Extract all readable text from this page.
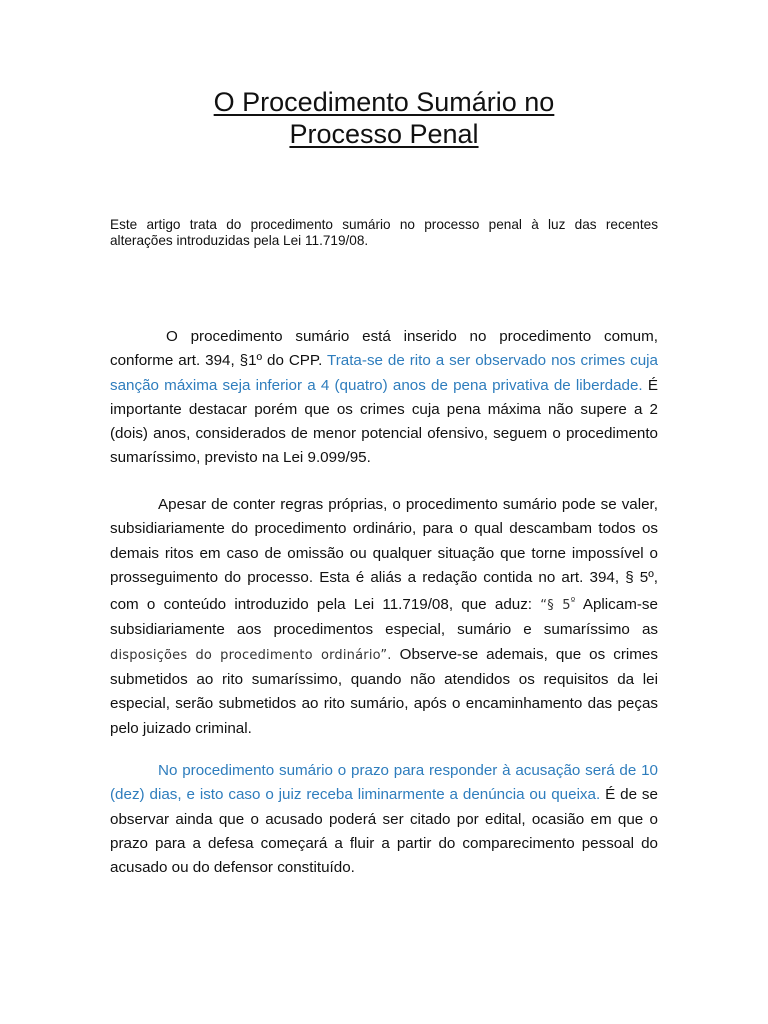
O Procedimento Sumário no
Processo Penal

Este artigo trata do procedimento sumário no processo penal à luz das recentes alterações introduzidas pela Lei 11.719/08.

O procedimento sumário está inserido no procedimento comum, conforme art. 394, §1º do CPP. Trata-se de rito a ser observado nos crimes cuja sanção máxima seja inferior a 4 (quatro) anos de pena privativa de liberdade. É importante destacar porém que os crimes cuja pena máxima não supere a 2 (dois) anos, considerados de menor potencial ofensivo, seguem o procedimento sumaríssimo, previsto na Lei 9.099/95.

Apesar de conter regras próprias, o procedimento sumário pode se valer, subsidiariamente do procedimento ordinário, para o qual descambam todos os demais ritos em caso de omissão ou qualquer situação que torne impossível o prosseguimento do processo. Esta é aliás a redação contida no art. 394, § 5º, com o conteúdo introduzido pela Lei 11.719/08, que aduz: “§ $5^º$ Aplicam-se subsidiariamente aos procedimentos especial, sumário e sumaríssimo as disposições do procedimento ordinário”. Observe-se ademais, que os crimes submetidos ao rito sumaríssimo, quando não atendidos os requisitos da lei especial, serão submetidos ao rito sumário, após o encaminhamento das peças pelo juizado criminal.

No procedimento sumário o prazo para responder à acusação será de 10 (dez) dias, e isto caso o juiz receba liminarmente a denúncia ou queixa. É de se observar ainda que o acusado poderá ser citado por edital, ocasião em que o prazo para a defesa começará a fluir a partir do comparecimento pessoal do acusado ou do defensor constituído.
